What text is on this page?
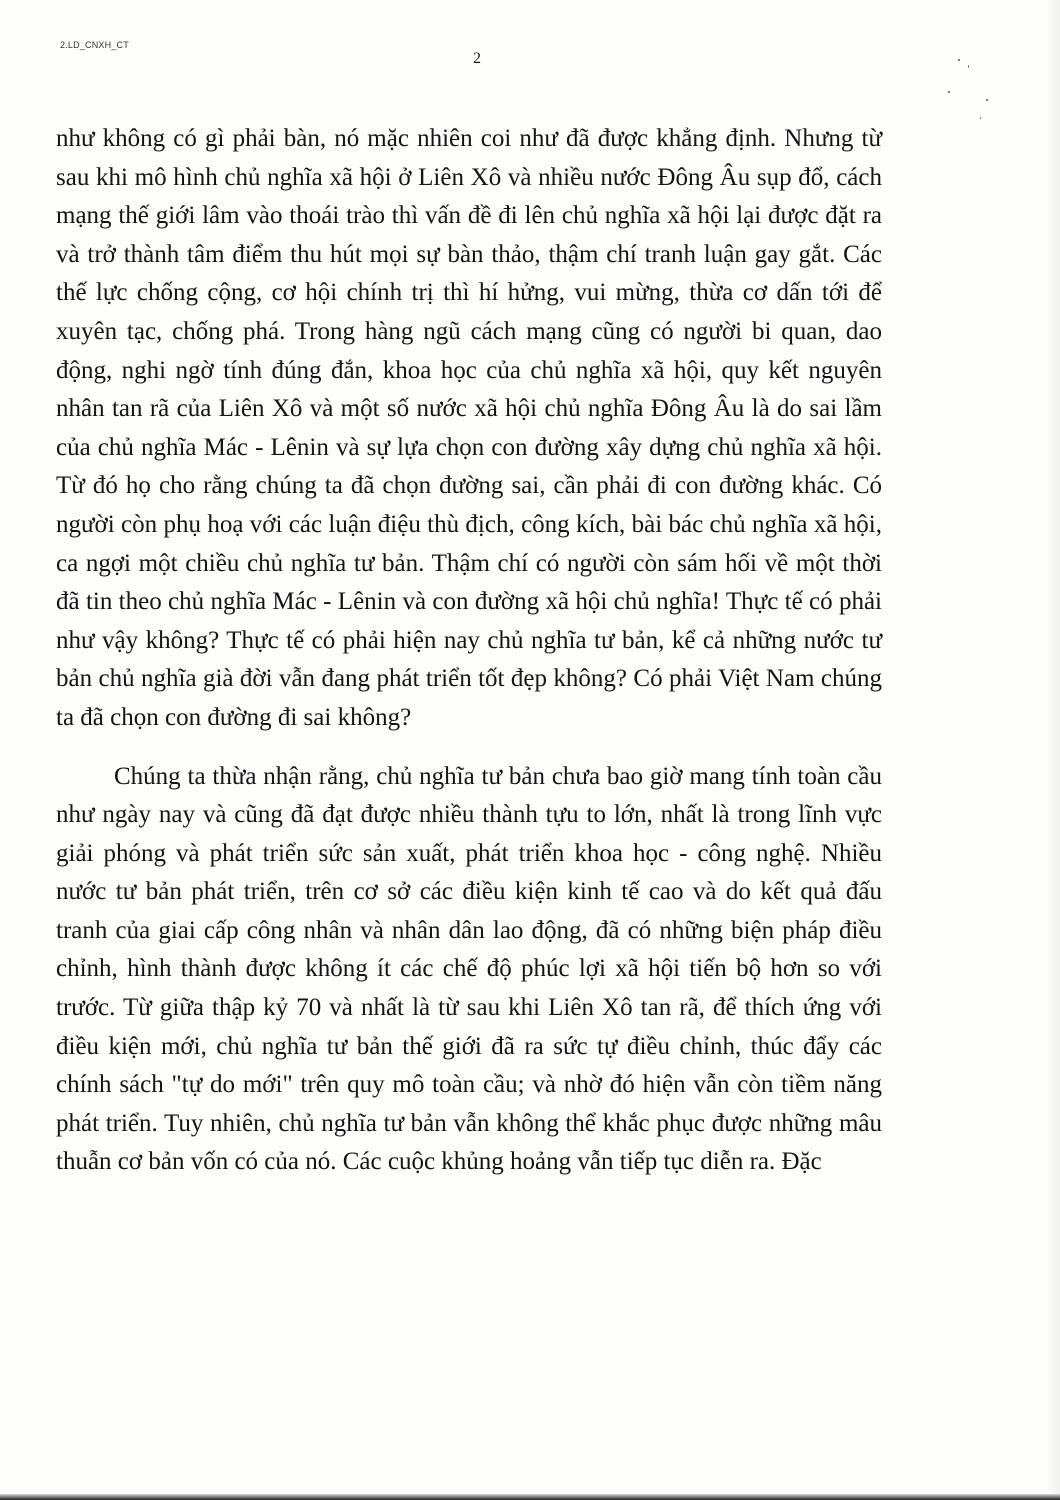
2.LD_CNXH_CT
2

như không có gì phải bàn, nó mặc nhiên coi như đã được khẳng định. Nhưng từ sau khi mô hình chủ nghĩa xã hội ở Liên Xô và nhiều nước Đông Âu sụp đổ, cách mạng thế giới lâm vào thoái trào thì vấn đề đi lên chủ nghĩa xã hội lại được đặt ra và trở thành tâm điểm thu hút mọi sự bàn thảo, thậm chí tranh luận gay gắt. Các thế lực chống cộng, cơ hội chính trị thì hí hửng, vui mừng, thừa cơ dấn tới để xuyên tạc, chống phá. Trong hàng ngũ cách mạng cũng có người bi quan, dao động, nghi ngờ tính đúng đắn, khoa học của chủ nghĩa xã hội, quy kết nguyên nhân tan rã của Liên Xô và một số nước xã hội chủ nghĩa Đông Âu là do sai lầm của chủ nghĩa Mác - Lênin và sự lựa chọn con đường xây dựng chủ nghĩa xã hội. Từ đó họ cho rằng chúng ta đã chọn đường sai, cần phải đi con đường khác. Có người còn phụ hoạ với các luận điệu thù địch, công kích, bài bác chủ nghĩa xã hội, ca ngợi một chiều chủ nghĩa tư bản. Thậm chí có người còn sám hối về một thời đã tin theo chủ nghĩa Mác - Lênin và con đường xã hội chủ nghĩa! Thực tế có phải như vậy không? Thực tế có phải hiện nay chủ nghĩa tư bản, kể cả những nước tư bản chủ nghĩa già đời vẫn đang phát triển tốt đẹp không? Có phải Việt Nam chúng ta đã chọn con đường đi sai không?

Chúng ta thừa nhận rằng, chủ nghĩa tư bản chưa bao giờ mang tính toàn cầu như ngày nay và cũng đã đạt được nhiều thành tựu to lớn, nhất là trong lĩnh vực giải phóng và phát triển sức sản xuất, phát triển khoa học - công nghệ. Nhiều nước tư bản phát triển, trên cơ sở các điều kiện kinh tế cao và do kết quả đấu tranh của giai cấp công nhân và nhân dân lao động, đã có những biện pháp điều chỉnh, hình thành được không ít các chế độ phúc lợi xã hội tiến bộ hơn so với trước. Từ giữa thập kỷ 70 và nhất là từ sau khi Liên Xô tan rã, để thích ứng với điều kiện mới, chủ nghĩa tư bản thế giới đã ra sức tự điều chỉnh, thúc đẩy các chính sách "tự do mới" trên quy mô toàn cầu; và nhờ đó hiện vẫn còn tiềm năng phát triển. Tuy nhiên, chủ nghĩa tư bản vẫn không thể khắc phục được những mâu thuẫn cơ bản vốn có của nó. Các cuộc khủng hoảng vẫn tiếp tục diễn ra. Đặc
